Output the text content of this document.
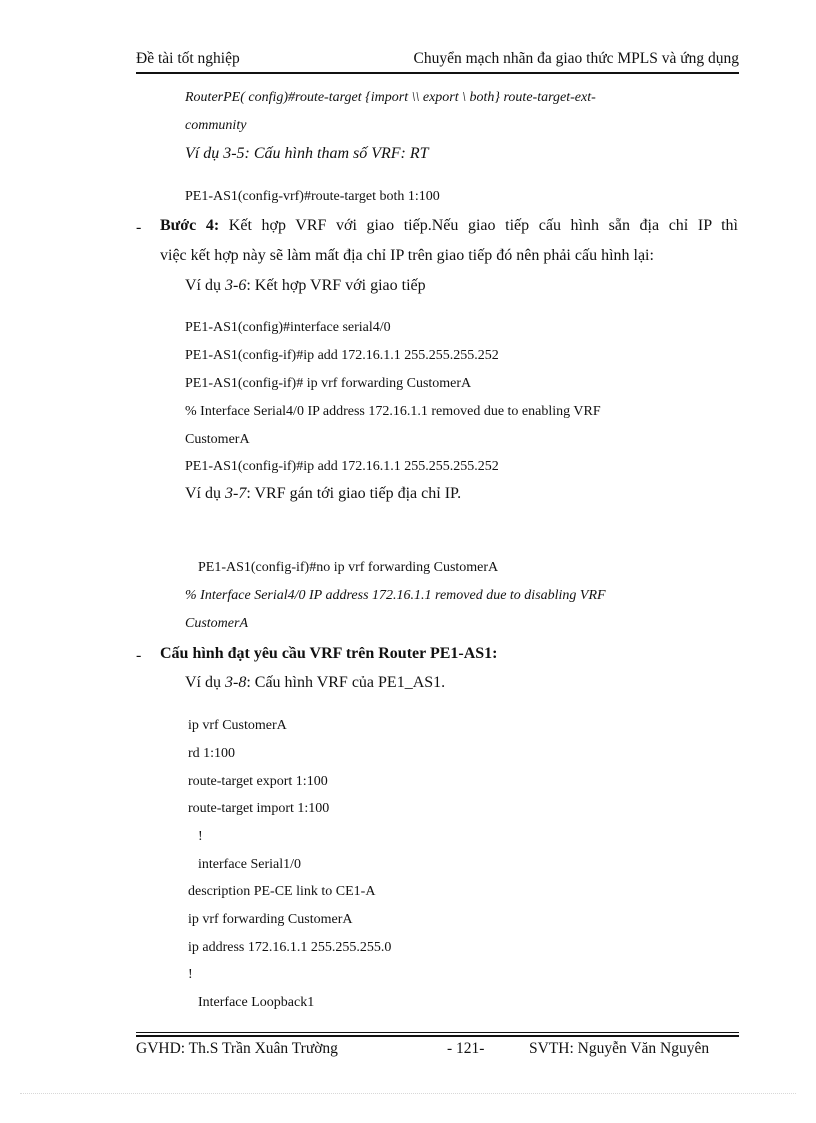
Đề tài tốt nghiệp	Chuyển mạch nhãn đa giao thức MPLS và ứng dụng
RouterPE( config)#route-target {import \\ export \ both} route-target-ext-
community
Ví dụ 3-5: Cấu hình tham số VRF: RT
PE1-AS1(config-vrf)#route-target both 1:100
- Bước 4: Kết hợp VRF với giao tiếp.Nếu giao tiếp cấu hình sẵn địa chỉ IP thì
việc kết hợp này sẽ làm mất địa chỉ IP trên giao tiếp đó nên phải cấu hình lại:
Ví dụ 3-6: Kết hợp VRF với giao tiếp
PE1-AS1(config)#interface serial4/0
PE1-AS1(config-if)#ip add 172.16.1.1 255.255.255.252
PE1-AS1(config-if)# ip vrf forwarding CustomerA
% Interface Serial4/0 IP address 172.16.1.1 removed due to enabling VRF
CustomerA
PE1-AS1(config-if)#ip add 172.16.1.1 255.255.255.252
Ví dụ 3-7: VRF gán tới giao tiếp địa chỉ IP.
PE1-AS1(config-if)#no ip vrf forwarding CustomerA
% Interface Serial4/0 IP address 172.16.1.1 removed due to disabling VRF
CustomerA
- Cấu hình đạt yêu cầu VRF trên Router PE1-AS1:
Ví dụ 3-8: Cấu hình VRF của PE1_AS1.
ip vrf CustomerA
rd 1:100
route-target export 1:100
route-target import 1:100
!
interface Serial1/0
description PE-CE link to CE1-A
ip vrf forwarding CustomerA
ip address 172.16.1.1 255.255.255.0
!
Interface Loopback1
GVHD: Th.S Trần Xuân Trường	- 121-	SVTH: Nguyễn Văn Nguyên
